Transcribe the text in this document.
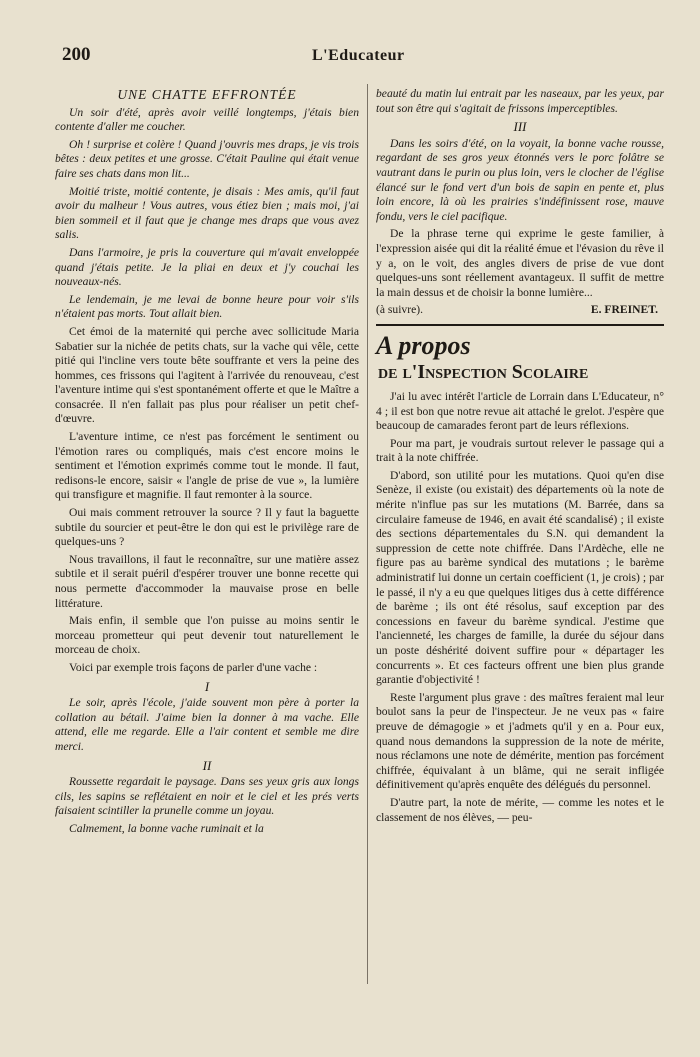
200	L'Educateur
UNE CHATTE EFFRONTÉE

Un soir d'été, après avoir veillé longtemps, j'étais bien contente d'aller me coucher.

Oh ! surprise et colère ! Quand j'ouvris mes draps, je vis trois bêtes : deux petites et une grosse. C'était Pauline qui était venue faire ses chats dans mon lit...

Moitié triste, moitié contente, je disais : Mes amis, qu'il faut avoir du malheur ! Vous autres, vous étiez bien ; mais moi, j'ai bien sommeil et il faut que je change mes draps que vous avez salis.

Dans l'armoire, je pris la couverture qui m'avait enveloppée quand j'étais petite. Je la pliai en deux et j'y couchai les nouveaux-nés.

Le lendemain, je me levai de bonne heure pour voir s'ils n'étaient pas morts. Tout allait bien.

Cet émoi de la maternité qui perche avec sollicitude Maria Sabatier sur la nichée de petits chats, sur la vache qui vêle, cette pitié qui l'incline vers toute bête souffrante et vers la peine des hommes, ces frissons qui l'agitent à l'arrivée du renouveau, c'est l'aventure intime qui s'est spontanément offerte et que le Maître a consacrée. Il n'en fallait pas plus pour réaliser un petit chef-d'œuvre.

L'aventure intime, ce n'est pas forcément le sentiment ou l'émotion rares ou compliqués, mais c'est encore moins le sentiment et l'émotion exprimés comme tout le monde. Il faut, redisons-le encore, saisir « l'angle de prise de vue », la lumière qui transfigure et magnifie. Il faut remonter à la source.

Oui mais comment retrouver la source ? Il y faut la baguette subtile du sourcier et peut-être le don qui est le privilège rare de quelques-uns ?

Nous travaillons, il faut le reconnaître, sur une matière assez subtile et il serait puéril d'espérer trouver une bonne recette qui nous permette d'accommoder la mauvaise prose en belle littérature.

Mais enfin, il semble que l'on puisse au moins sentir le morceau prometteur qui peut devenir tout naturellement le morceau de choix.

Voici par exemple trois façons de parler d'une vache :

I

Le soir, après l'école, j'aide souvent mon père à porter la collation au bétail. J'aime bien la donner à ma vache. Elle attend, elle me regarde. Elle a l'air content et semble me dire merci.

II

Roussette regardait le paysage. Dans ses yeux gris aux longs cils, les sapins se reflétaient en noir et le ciel et les prés verts faisaient scintiller la prunelle comme un joyau.

Calmement, la bonne vache ruminait et la

beauté du matin lui entrait par les naseaux, par les yeux, par tout son être qui s'agitait de frissons imperceptibles.

III

Dans les soirs d'été, on la voyait, la bonne vache rousse, regardant de ses gros yeux étonnés vers le porc folâtre se vautrant dans le purin ou plus loin, vers le clocher de l'église élancé sur le fond vert d'un bois de sapin en pente et, plus loin encore, là où les prairies s'indéfinissent rose, mauve fondu, vers le ciel pacifique.

De la phrase terne qui exprime le geste familier, à l'expression aisée qui dit la réalité émue et l'évasion du rêve il y a, on le voit, des angles divers de prise de vue dont quelques-uns sont réellement avantageux. Il suffit de mettre la main dessus et de choisir la bonne lumière...

(à suivre).	E. FREINET.
A propos
de l'Inspection Scolaire

J'ai lu avec intérêt l'article de Lorrain dans L'Educateur, n° 4 ; il est bon que notre revue ait attaché le grelot. J'espère que beaucoup de camarades feront part de leurs réflexions.

Pour ma part, je voudrais surtout relever le passage qui a trait à la note chiffrée.

D'abord, son utilité pour les mutations. Quoi qu'en dise Senèze, il existe (ou existait) des départements où la note de mérite n'influe pas sur les mutations (M. Barrée, dans sa circulaire fameuse de 1946, en avait été scandalisé) ; il existe des sections départementales du S.N. qui demandent la suppression de cette note chiffrée. Dans l'Ardèche, elle ne figure pas au barème syndical des mutations ; le barème administratif lui donne un certain coefficient (1, je crois) ; par le passé, il n'y a eu que quelques litiges dus à cette différence de barème ; ils ont été résolus, sauf exception par des concessions en faveur du barème syndical. J'estime que l'ancienneté, les charges de famille, la durée du séjour dans un poste déshérité doivent suffire pour « départager les concurrents ». Et ces facteurs offrent une bien plus grande garantie d'objectivité !

Reste l'argument plus grave : des maîtres feraient mal leur boulot sans la peur de l'inspecteur. Je ne veux pas « faire preuve de démagogie » et j'admets qu'il y en a. Pour eux, quand nous demandons la suppression de la note de mérite, nous réclamons une note de démérite, mention pas forcément chiffrée, équivalant à un blâme, qui ne serait infligée définitivement qu'après enquête des délégués du personnel.

D'autre part, la note de mérite, — comme les notes et le classement de nos élèves, — peu-
